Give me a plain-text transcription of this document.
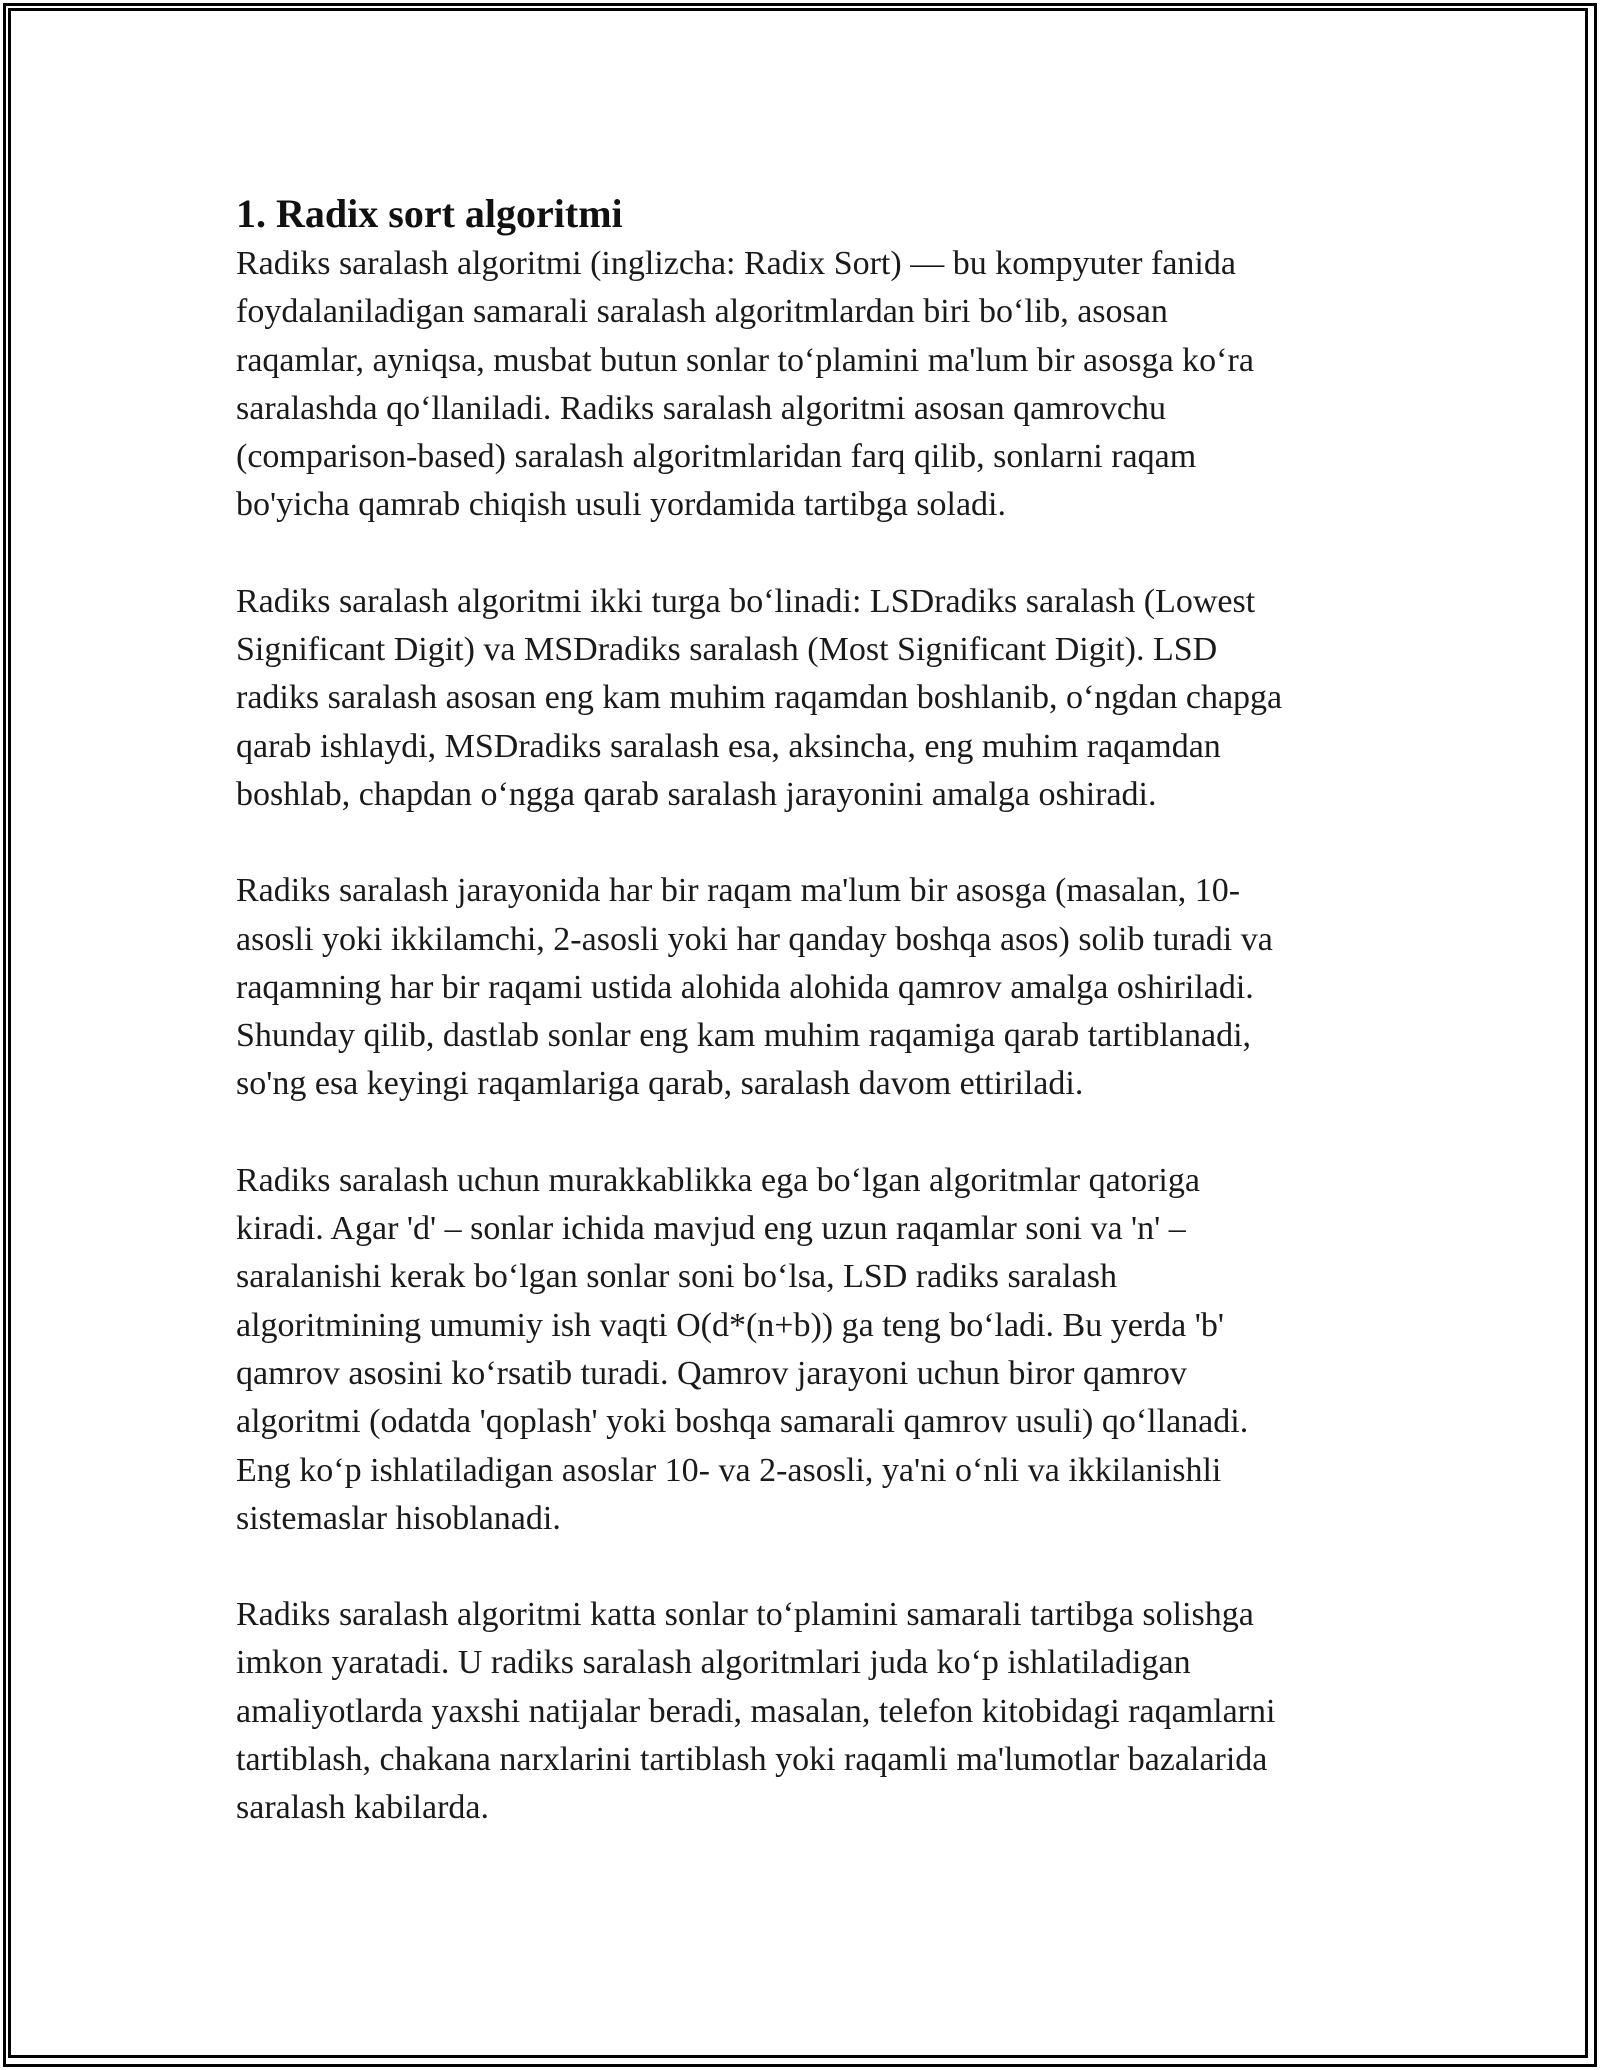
1. Radix sort algoritmi

Radiks saralash algoritmi (inglizcha: Radix Sort) — bu kompyuter fanida
foydalaniladigan samarali saralash algoritmlardan biri boʻlib, asosan
raqamlar, ayniqsa, musbat butun sonlar toʻplamini ma'lum bir asosga koʻra
saralashda qoʻllaniladi. Radiks saralash algoritmi asosan qamrovchu
(comparison-based) saralash algoritmlaridan farq qilib, sonlarni raqam
bo'yicha qamrab chiqish usuli yordamida tartibga soladi.

Radiks saralash algoritmi ikki turga boʻlinadi: LSDradiks saralash (Lowest
Significant Digit) va MSDradiks saralash (Most Significant Digit). LSD
radiks saralash asosan eng kam muhim raqamdan boshlanib, oʻngdan chapga
qarab ishlaydi, MSDradiks saralash esa, aksincha, eng muhim raqamdan
boshlab, chapdan oʻngga qarab saralash jarayonini amalga oshiradi.

Radiks saralash jarayonida har bir raqam ma'lum bir asosga (masalan, 10-
asosli yoki ikkilamchi, 2-asosli yoki har qanday boshqa asos) solib turadi va
raqamning har bir raqami ustida alohida alohida qamrov amalga oshiriladi.
Shunday qilib, dastlab sonlar eng kam muhim raqamiga qarab tartiblanadi,
so'ng esa keyingi raqamlariga qarab, saralash davom ettiriladi.

Radiks saralash uchun murakkablikka ega boʻlgan algoritmlar qatoriga
kiradi. Agar 'd' – sonlar ichida mavjud eng uzun raqamlar soni va 'n' –
saralanishi kerak boʻlgan sonlar soni boʻlsa, LSD radiks saralash
algoritmining umumiy ish vaqti O(d*(n+b)) ga teng boʻladi. Bu yerda 'b'
qamrov asosini koʻrsatib turadi. Qamrov jarayoni uchun biror qamrov
algoritmi (odatda 'qoplash' yoki boshqa samarali qamrov usuli) qoʻllanadi.
Eng koʻp ishlatiladigan asoslar 10- va 2-asosli, ya'ni oʻnli va ikkilanishli
sistemaslar hisoblanadi.

Radiks saralash algoritmi katta sonlar toʻplamini samarali tartibga solishga
imkon yaratadi. U radiks saralash algoritmlari juda koʻp ishlatiladigan
amaliyotlarda yaxshi natijalar beradi, masalan, telefon kitobidagi raqamlarni
tartiblash, chakana narxlarini tartiblash yoki raqamli ma'lumotlar bazalarida
saralash kabilarda.
